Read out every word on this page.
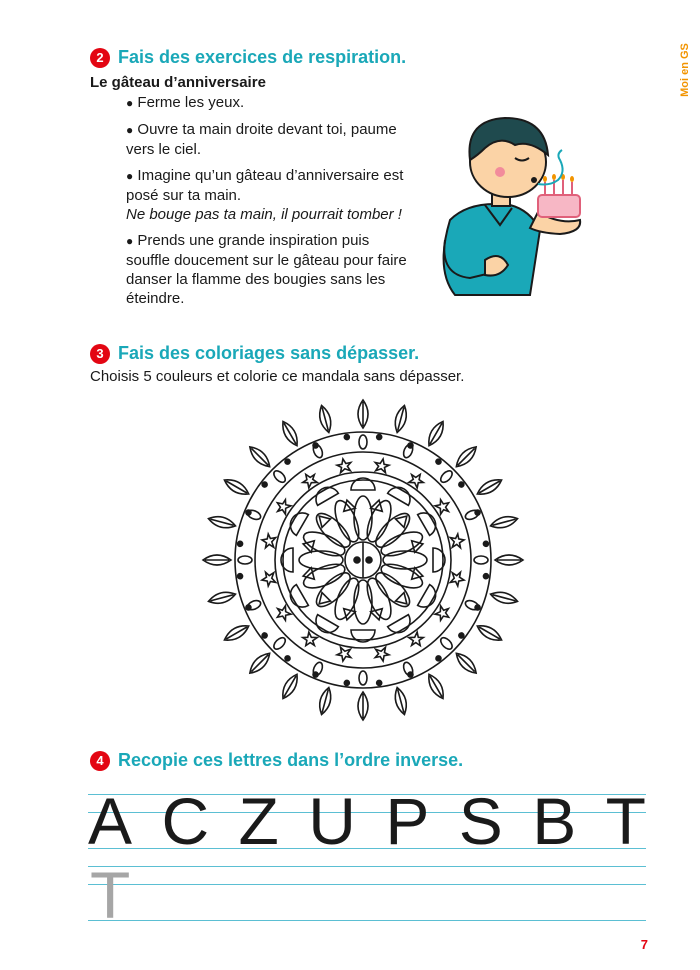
Moi en GS
2 Fais des exercices de respiration.
Le gâteau d’anniversaire

● Ferme les yeux.

● Ouvre ta main droite devant toi, paume vers le ciel.

● Imagine qu’un gâteau d’anniversaire est posé sur ta main.
Ne bouge pas ta main, il pourrait tomber !

● Prends une grande inspiration puis souffle doucement sur le gâteau pour faire danser la flamme des bougies sans les éteindre.

3 Fais des coloriages sans dépasser.
Choisis 5 couleurs et colorie ce mandala sans dépasser.
4 Recopie ces lettres dans l’ordre inverse.
A C Z U P S B T
T
7
